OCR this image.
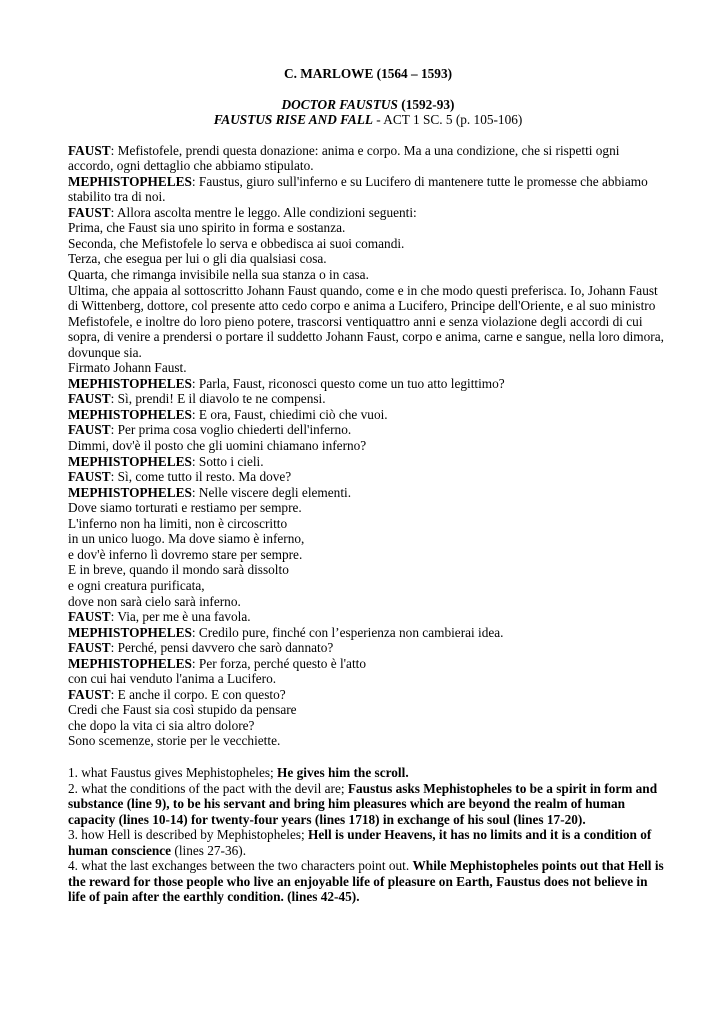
C. MARLOWE (1564 – 1593)
DOCTOR FAUSTUS (1592-93)
FAUSTUS RISE AND FALL - ACT 1 SC. 5 (p. 105-106)
FAUST: Mefistofele, prendi questa donazione: anima e corpo. Ma a una condizione, che si rispetti ogni accordo, ogni dettaglio che abbiamo stipulato.
MEPHISTOPHELES: Faustus, giuro sull'inferno e su Lucifero di mantenere tutte le promesse che abbiamo stabilito tra di noi.
FAUST: Allora ascolta mentre le leggo. Alle condizioni seguenti:
Prima, che Faust sia uno spirito in forma e sostanza.
Seconda, che Mefistofele lo serva e obbedisca ai suoi comandi.
Terza, che esegua per lui o gli dia qualsiasi cosa.
Quarta, che rimanga invisibile nella sua stanza o in casa.
Ultima, che appaia al sottoscritto Johann Faust quando, come e in che modo questi preferisca. Io, Johann Faust di Wittenberg, dottore, col presente atto cedo corpo e anima a Lucifero, Principe dell'Oriente, e al suo ministro Mefistofele, e inoltre do loro pieno potere, trascorsi ventiquattro anni e senza violazione degli accordi di cui sopra, di venire a prendersi o portare il suddetto Johann Faust, corpo e anima, carne e sangue, nella loro dimora, dovunque sia.
Firmato Johann Faust.
MEPHISTOPHELES: Parla, Faust, riconosci questo come un tuo atto legittimo?
FAUST: Sì, prendi! E il diavolo te ne compensi.
MEPHISTOPHELES: E ora, Faust, chiedimi ciò che vuoi.
FAUST: Per prima cosa voglio chiederti dell'inferno.
Dimmi, dov'è il posto che gli uomini chiamano inferno?
MEPHISTOPHELES: Sotto i cieli.
FAUST: Sì, come tutto il resto. Ma dove?
MEPHISTOPHELES: Nelle viscere degli elementi.
Dove siamo torturati e restiamo per sempre.
L'inferno non ha limiti, non è circoscritto
in un unico luogo. Ma dove siamo è inferno,
e dov'è inferno lì dovremo stare per sempre.
E in breve, quando il mondo sarà dissolto
e ogni creatura purificata,
dove non sarà cielo sarà inferno.
FAUST: Via, per me è una favola.
MEPHISTOPHELES: Credilo pure, finché con l’esperienza non cambierai idea.
FAUST: Perché, pensi davvero che sarò dannato?
MEPHISTOPHELES: Per forza, perché questo è l'atto
con cui hai venduto l'anima a Lucifero.
FAUST: E anche il corpo. E con questo?
Credi che Faust sia così stupido da pensare
che dopo la vita ci sia altro dolore?
Sono scemenze, storie per le vecchiette.
1. what Faustus gives Mephistopheles; He gives him the scroll.
2. what the conditions of the pact with the devil are; Faustus asks Mephistopheles to be a spirit in form and substance (line 9), to be his servant and bring him pleasures which are beyond the realm of human capacity (lines 10-14) for twenty-four years (lines 1718) in exchange of his soul (lines 17-20).
3. how Hell is described by Mephistopheles; Hell is under Heavens, it has no limits and it is a condition of human conscience (lines 27-36).
4. what the last exchanges between the two characters point out. While Mephistopheles points out that Hell is the reward for those people who live an enjoyable life of pleasure on Earth, Faustus does not believe in life of pain after the earthly condition. (lines 42-45).
